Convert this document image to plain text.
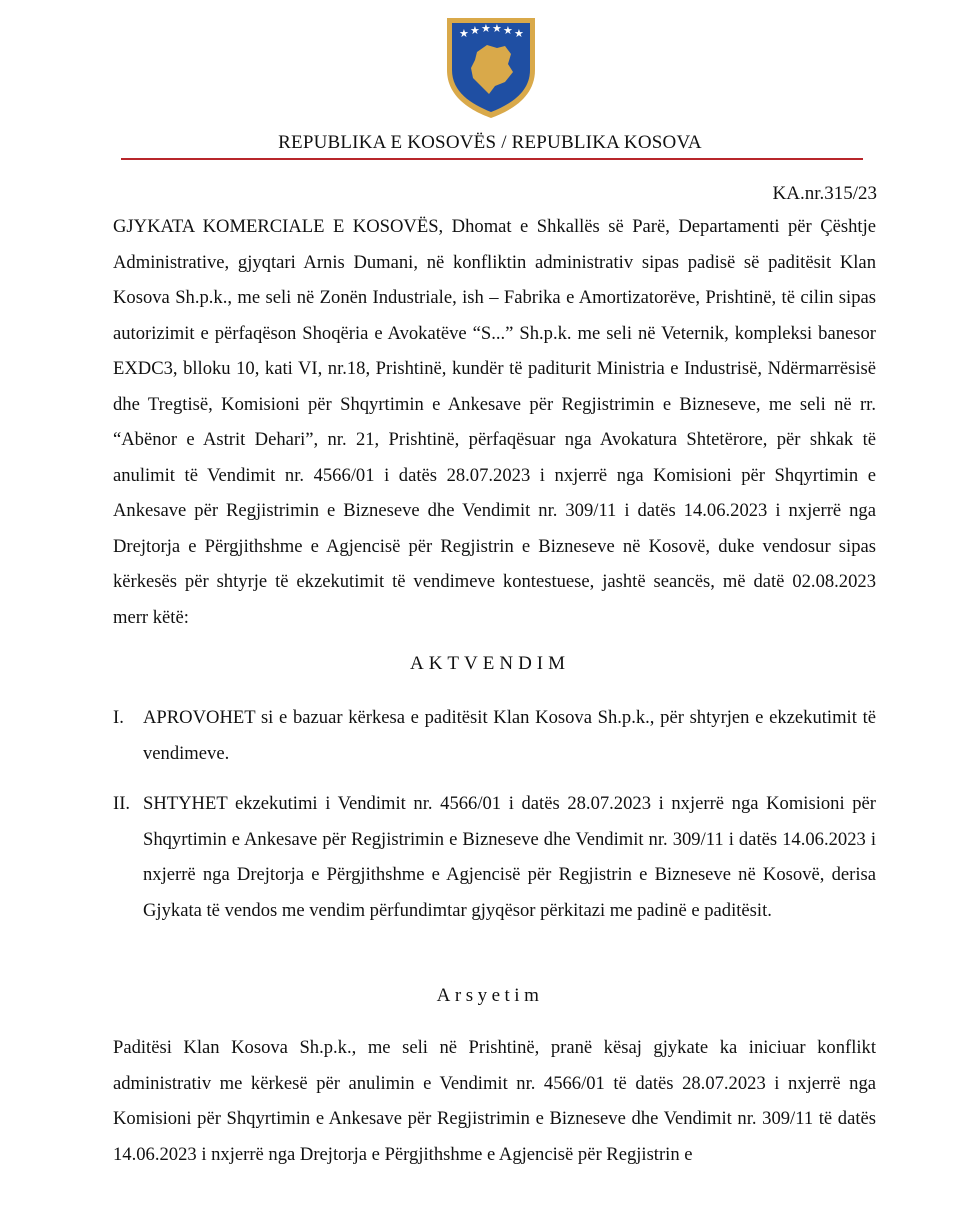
★ ★ ★ ★ ★ ★
REPUBLIKA E KOSOVËS / REPUBLIKA KOSOVA
KA.nr.315/23
GJYKATA KOMERCIALE E KOSOVËS, Dhomat e Shkallës së Parë, Departamenti për Çështje Administrative, gjyqtari Arnis Dumani, në konfliktin administrativ sipas padisë së paditësit Klan Kosova Sh.p.k., me seli në Zonën Industriale, ish – Fabrika e Amortizatorëve, Prishtinë, të cilin sipas autorizimit e përfaqëson Shoqëria e Avokatëve “S...” Sh.p.k. me seli në Veternik, kompleksi banesor EXDC3, blloku 10, kati VI, nr.18, Prishtinë, kundër të paditurit Ministria e Industrisë, Ndërmarrësisë dhe Tregtisë, Komisioni për Shqyrtimin e Ankesave për Regjistrimin e Bizneseve, me seli në rr. “Abënor e Astrit Dehari”, nr. 21, Prishtinë, përfaqësuar nga Avokatura Shtetërore, për shkak të anulimit të Vendimit nr. 4566/01 i datës 28.07.2023 i nxjerrë nga Komisioni për Shqyrtimin e Ankesave për Regjistrimin e Bizneseve dhe Vendimit nr. 309/11 i datës 14.06.2023 i nxjerrë nga Drejtorja e Përgjithshme e Agjencisë për Regjistrin e Bizneseve në Kosovë, duke vendosur sipas kërkesës për shtyrje të ekzekutimit të vendimeve kontestuese, jashtë seancës, më datë 02.08.2023 merr këtë:
AKTVENDIM
I. APROVOHET si e bazuar kërkesa e paditësit Klan Kosova Sh.p.k., për shtyrjen e ekzekutimit të vendimeve.
II. SHTYHET ekzekutimi i Vendimit nr. 4566/01 i datës 28.07.2023 i nxjerrë nga Komisioni për Shqyrtimin e Ankesave për Regjistrimin e Bizneseve dhe Vendimit nr. 309/11 i datës 14.06.2023 i nxjerrë nga Drejtorja e Përgjithshme e Agjencisë për Regjistrin e Bizneseve në Kosovë, derisa Gjykata të vendos me vendim përfundimtar gjyqësor përkitazi me padinë e paditësit.
Arsyetim
Paditësi Klan Kosova Sh.p.k., me seli në Prishtinë, pranë kësaj gjykate ka iniciuar konflikt administrativ me kërkesë për anulimin e Vendimit nr. 4566/01 të datës 28.07.2023 i nxjerrë nga Komisioni për Shqyrtimin e Ankesave për Regjistrimin e Bizneseve dhe Vendimit nr. 309/11 të datës 14.06.2023 i nxjerrë nga Drejtorja e Përgjithshme e Agjencisë për Regjistrin e
